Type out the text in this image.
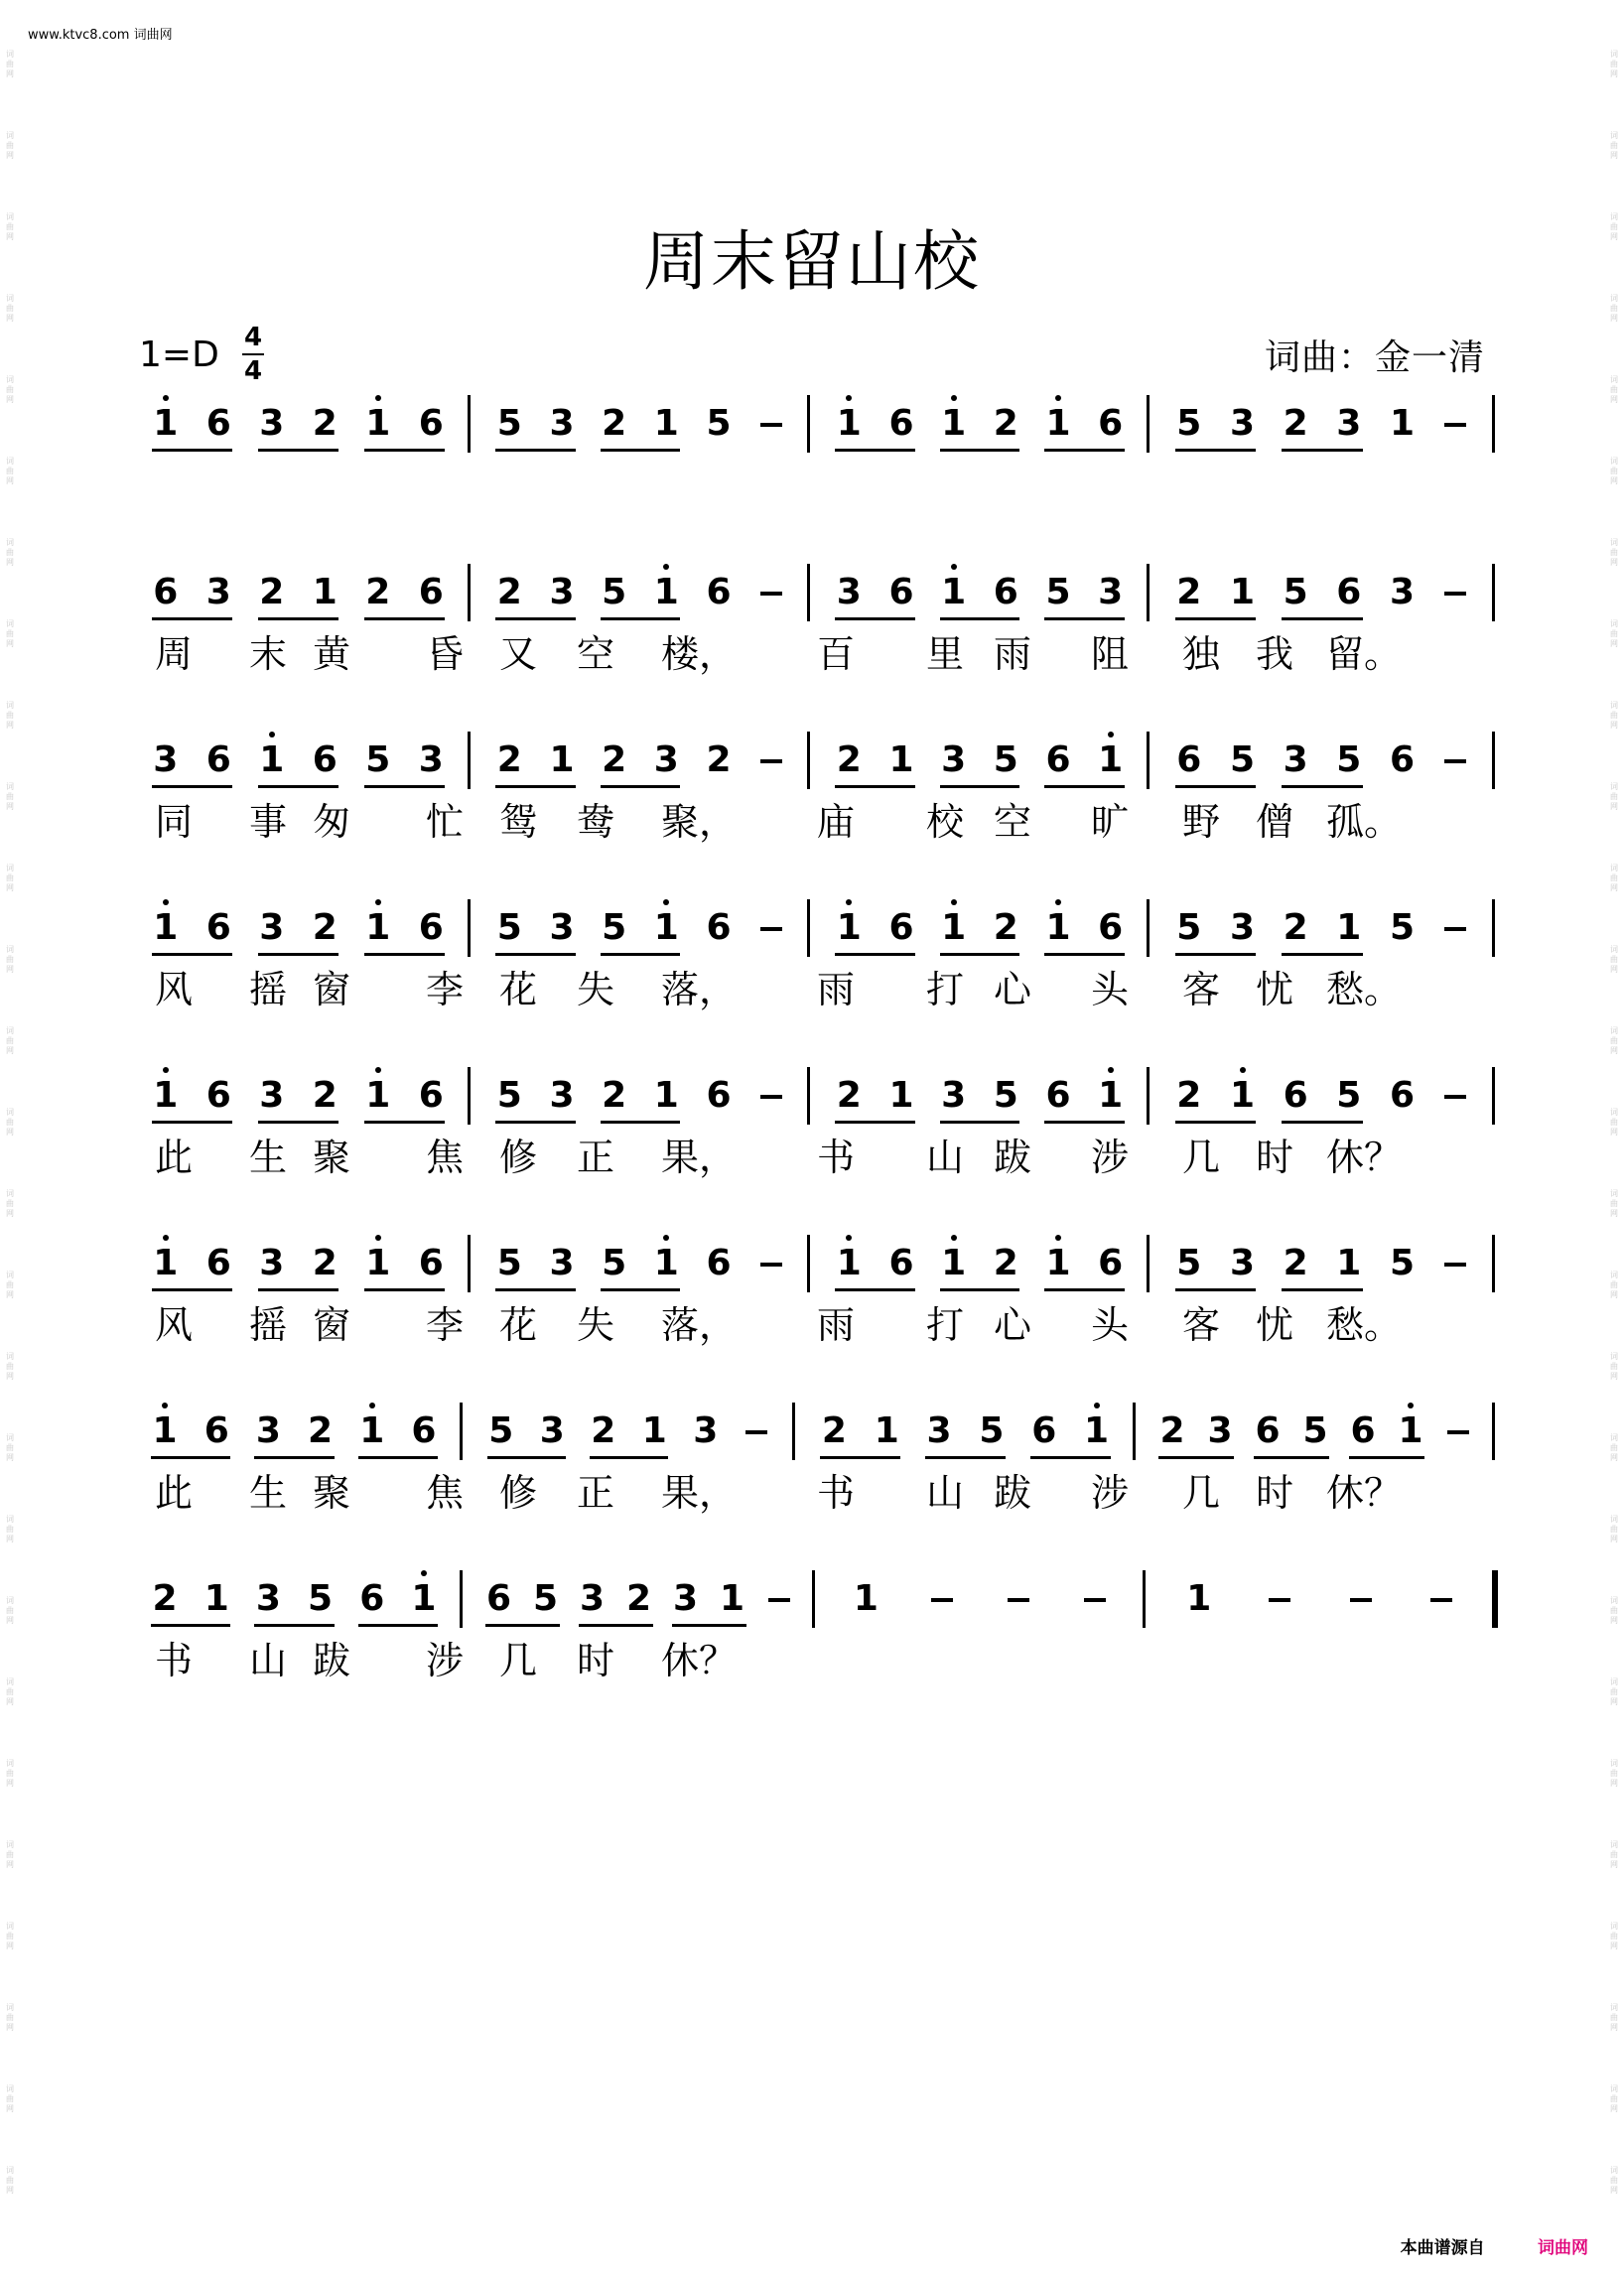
www.ktvc8.com 词曲网
词曲网
词曲网
词曲网
词曲网
词曲网
词曲网
词曲网
词曲网
词曲网
词曲网
词曲网
词曲网
词曲网
词曲网
词曲网
词曲网
词曲网
词曲网
词曲网
词曲网
词曲网
词曲网
词曲网
词曲网
词曲网
词曲网
词曲网
词曲网
词曲网
词曲网
词曲网
词曲网
词曲网
词曲网
词曲网
词曲网
词曲网
词曲网
词曲网
词曲网
词曲网
词曲网
词曲网
词曲网
词曲网
词曲网
词曲网
词曲网
词曲网
词曲网
词曲网
词曲网
词曲网
词曲网
周末留山校
1=D 4
4	词曲：金一清
1 6 3 2 1 6 5 3 2 1 5	1 6 1 2 1 6 5 3 2 3 1
6 3 2 1 2 6 2 3 5 1 6	3 6 1 6 5 3 2 1 5 6 3
周 末 黄 昏 又 空 楼， 百 里 雨 阻 独 我 留。
3 6 1 6 5 3 2 1 2 3 2	2 1 3 5 6 1 6 5 3 5 6
同 事 匆 忙 鸳 鸯 聚， 庙 校 空 旷 野 僧 孤。
1 6 3 2 1 6 5 3 5 1 6	1 6 1 2 1 6 5 3 2 1 5
风 摇 窗 李 花 失 落， 雨 打 心 头 客 忧 愁。
1 6 3 2 1 6 5 3 2 1 6	2 1 3 5 6 1 2 1 6 5 6
此 生 聚 焦 修 正 果， 书 山 跋 涉 几 时 休？
1 6 3 2 1 6 5 3 5 1 6	1 6 1 2 1 6 5 3 2 1 5
风 摇 窗 李 花 失 落， 雨 打 心 头 客 忧 愁。
1 6 3 2 1 6 5 3 2 1 3	2 1 3 5 6 1 2 3 6 5 6 1
此 生 聚 焦 修 正 果， 书 山 跋 涉 几 时 休？
2 1 3 5 6 1 6 5 3 2 3 1	1	1
书 山 跋 涉 几 时 休？
本曲谱源自	词曲网
